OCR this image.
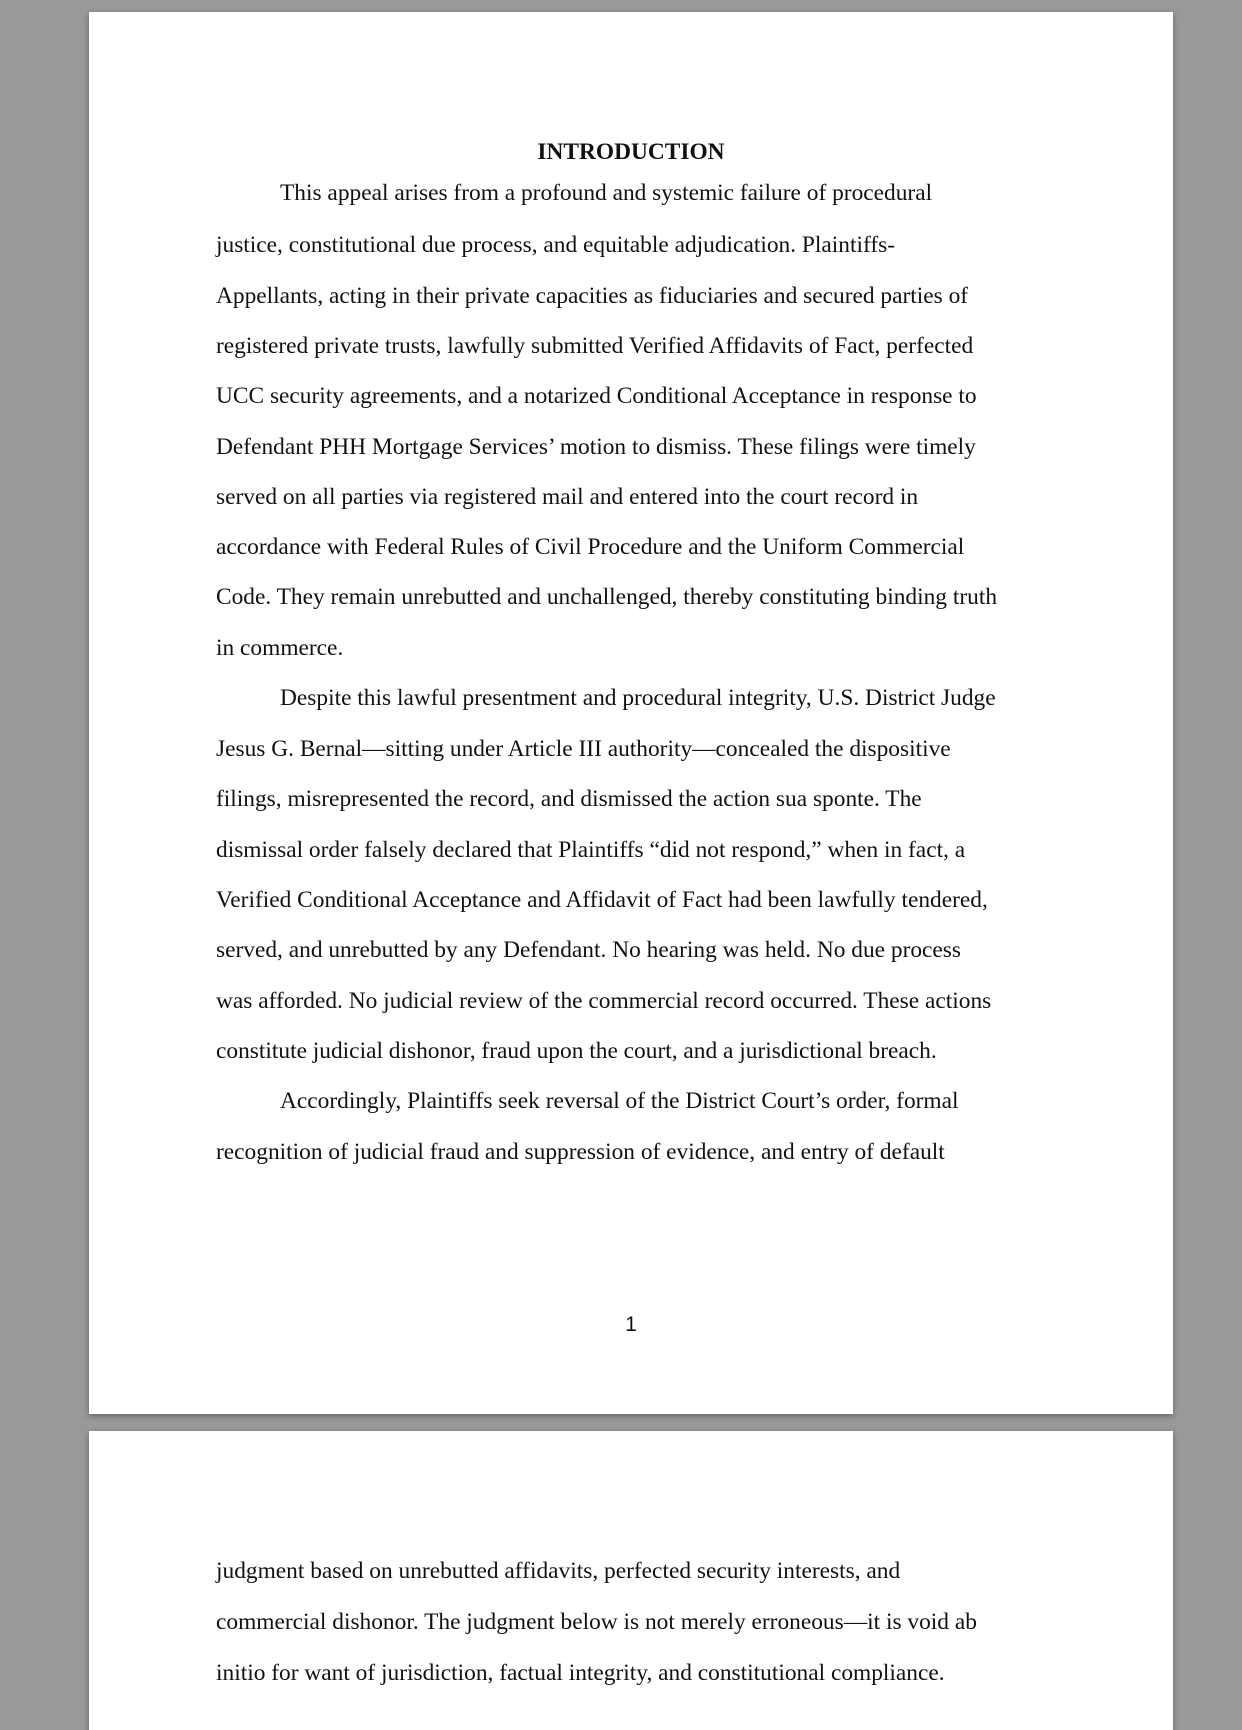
INTRODUCTION
This appeal arises from a profound and systemic failure of procedural
justice, constitutional due process, and equitable adjudication. Plaintiffs-
Appellants, acting in their private capacities as fiduciaries and secured parties of
registered private trusts, lawfully submitted Verified Affidavits of Fact, perfected
UCC security agreements, and a notarized Conditional Acceptance in response to
Defendant PHH Mortgage Services’ motion to dismiss. These filings were timely
served on all parties via registered mail and entered into the court record in
accordance with Federal Rules of Civil Procedure and the Uniform Commercial
Code. They remain unrebutted and unchallenged, thereby constituting binding truth
in commerce.
Despite this lawful presentment and procedural integrity, U.S. District Judge
Jesus G. Bernal—sitting under Article III authority—concealed the dispositive
filings, misrepresented the record, and dismissed the action sua sponte. The
dismissal order falsely declared that Plaintiffs “did not respond,” when in fact, a
Verified Conditional Acceptance and Affidavit of Fact had been lawfully tendered,
served, and unrebutted by any Defendant. No hearing was held. No due process
was afforded. No judicial review of the commercial record occurred. These actions
constitute judicial dishonor, fraud upon the court, and a jurisdictional breach.
Accordingly, Plaintiffs seek reversal of the District Court’s order, formal
recognition of judicial fraud and suppression of evidence, and entry of default
1
judgment based on unrebutted affidavits, perfected security interests, and
commercial dishonor. The judgment below is not merely erroneous—it is void ab
initio for want of jurisdiction, factual integrity, and constitutional compliance.
